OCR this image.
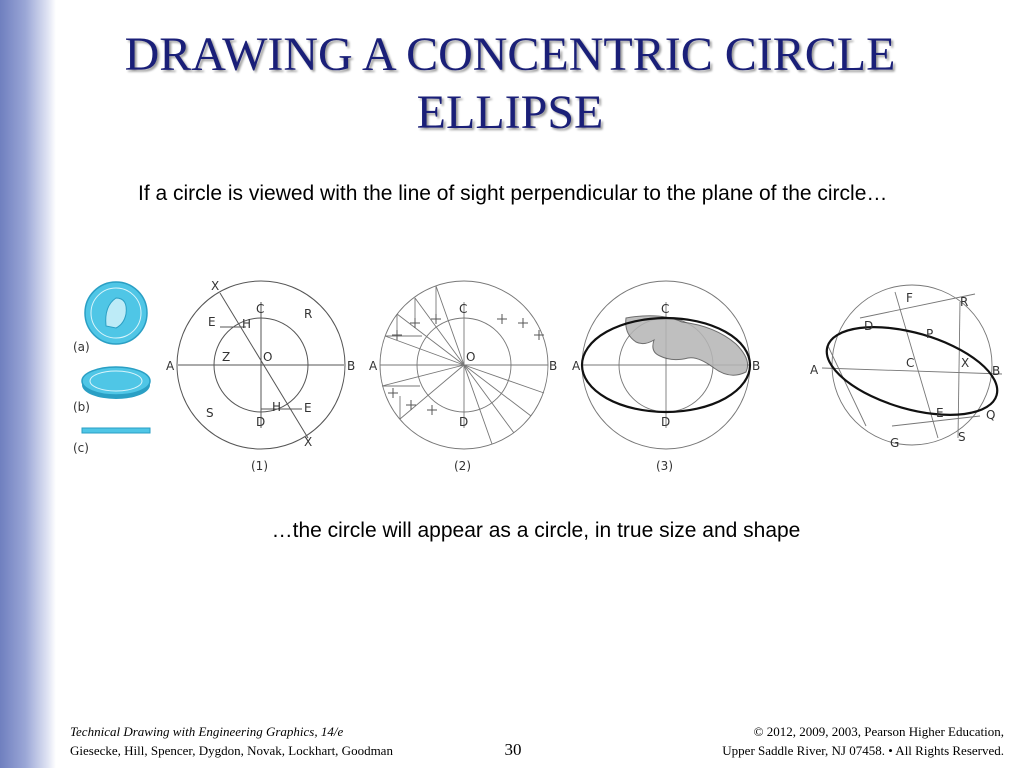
DRAWING A CONCENTRIC CIRCLE
ELLIPSE

If a circle is viewed with the line of sight perpendicular to the plane of the circle…

(a)
(b)
(c)
X
E H
C	R
A
Z	O
B
S
D
H E
X
(1)
C
A
O
B
D
(2)
C
A	B
D
(3)
F	R
D
P
A	C	X
B
E	Q
G	S

…the circle will appear as a circle, in true size and shape

Technical Drawing with Engineering Graphics, 14/e
Giesecke, Hill, Spencer, Dygdon, Novak, Lockhart, Goodman	30
© 2012, 2009, 2003, Pearson Higher Education,
Upper Saddle River, NJ 07458. • All Rights Reserved.
